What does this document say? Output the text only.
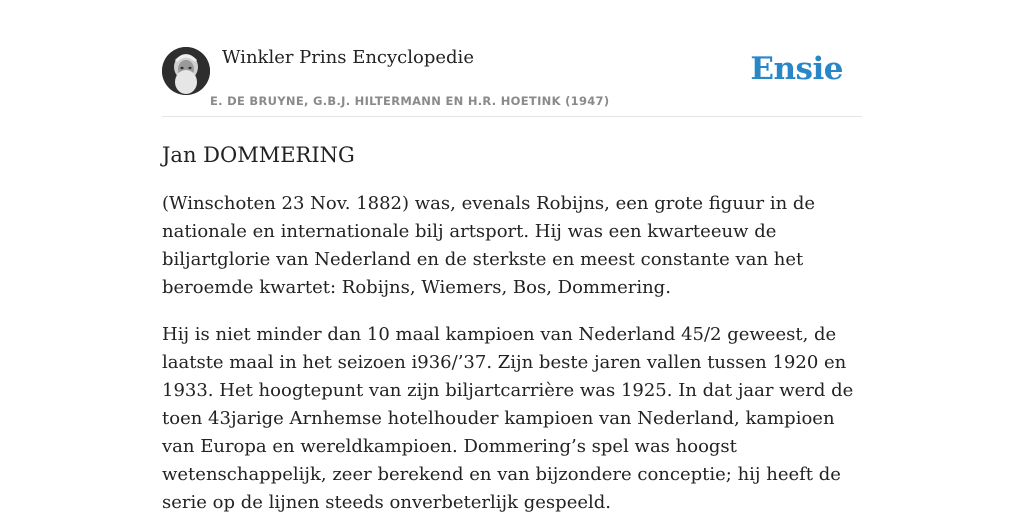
Winkler Prins Encyclopedie
E. DE BRUYNE, G.B.J. HILTERMANN EN H.R. HOETINK (1947)
Ensie
Jan DOMMERING

(Winschoten 23 Nov. 1882) was, evenals Robijns, een grote figuur in de nationale en internationale bilj artsport. Hij was een kwarteeuw de biljartglorie van Nederland en de sterkste en meest constante van het beroemde kwartet: Robijns, Wiemers, Bos, Dommering.

Hij is niet minder dan 10 maal kampioen van Nederland 45/2 geweest, de laatste maal in het seizoen i936/’37. Zijn beste jaren vallen tussen 1920 en 1933. Het hoogtepunt van zijn biljartcarrière was 1925. In dat jaar werd de toen 43jarige Arnhemse hotelhouder kampioen van Nederland, kampioen van Europa en wereldkampioen. Dommering’s spel was hoogst wetenschappelijk, zeer berekend en van bijzondere conceptie; hij heeft de serie op de lijnen steeds onverbeterlijk gespeeld.
